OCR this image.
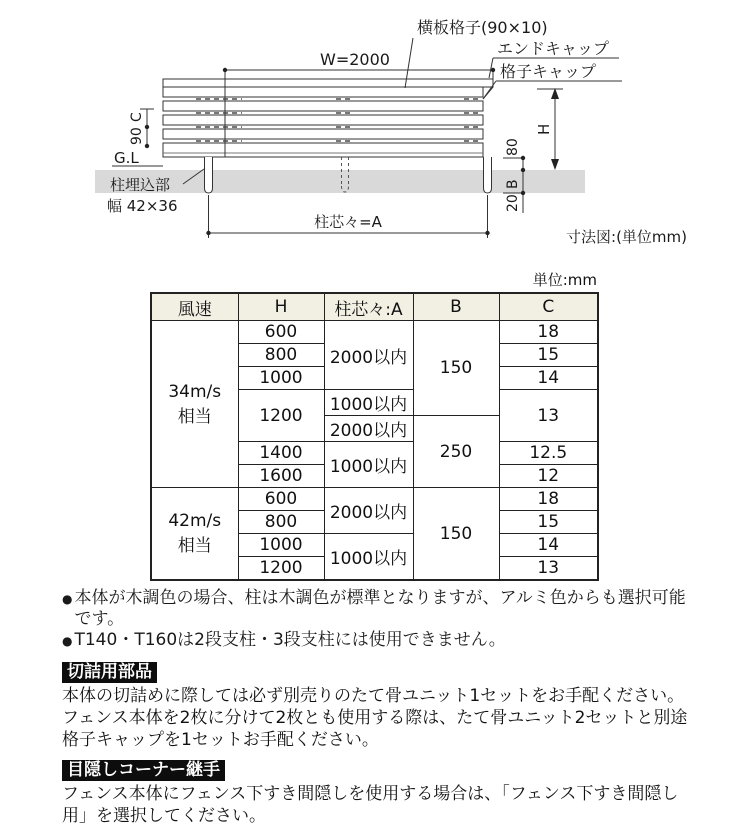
W=2000
横板格子(90×10)
エンドキャップ
格子キャップ
C
90
G.L
柱埋込部
幅 42×36
柱芯々=A
80
B
20
H
寸法図:(単位mm)
単位:mm
風速	H	柱芯々:A	B	C

34m/s
相当	600	2000以内	150	18
	800			15
	1000			14
	1200	1000以内		13
		2000以内	250	
	1400	1000以内		12.5
	1600			12

42m/s
相当	600	2000以内	150	18
	800			15
	1000	1000以内		14
	1200			13
● 本体が木調色の場合、柱は木調色が標準となりますが、アルミ色からも選択可能です。
● T140・T160は2段支柱・3段支柱には使用できません。
切詰用部品
本体の切詰めに際しては必ず別売りのたて骨ユニット1セットをお手配ください。フェンス本体を2枚に分けて2枚とも使用する際は、たて骨ユニット2セットと別途格子キャップを1セットお手配ください。
目隠しコーナー継手
フェンス本体にフェンス下すき間隠しを使用する場合は、「フェンス下すき間隠し用」を選択してください。
